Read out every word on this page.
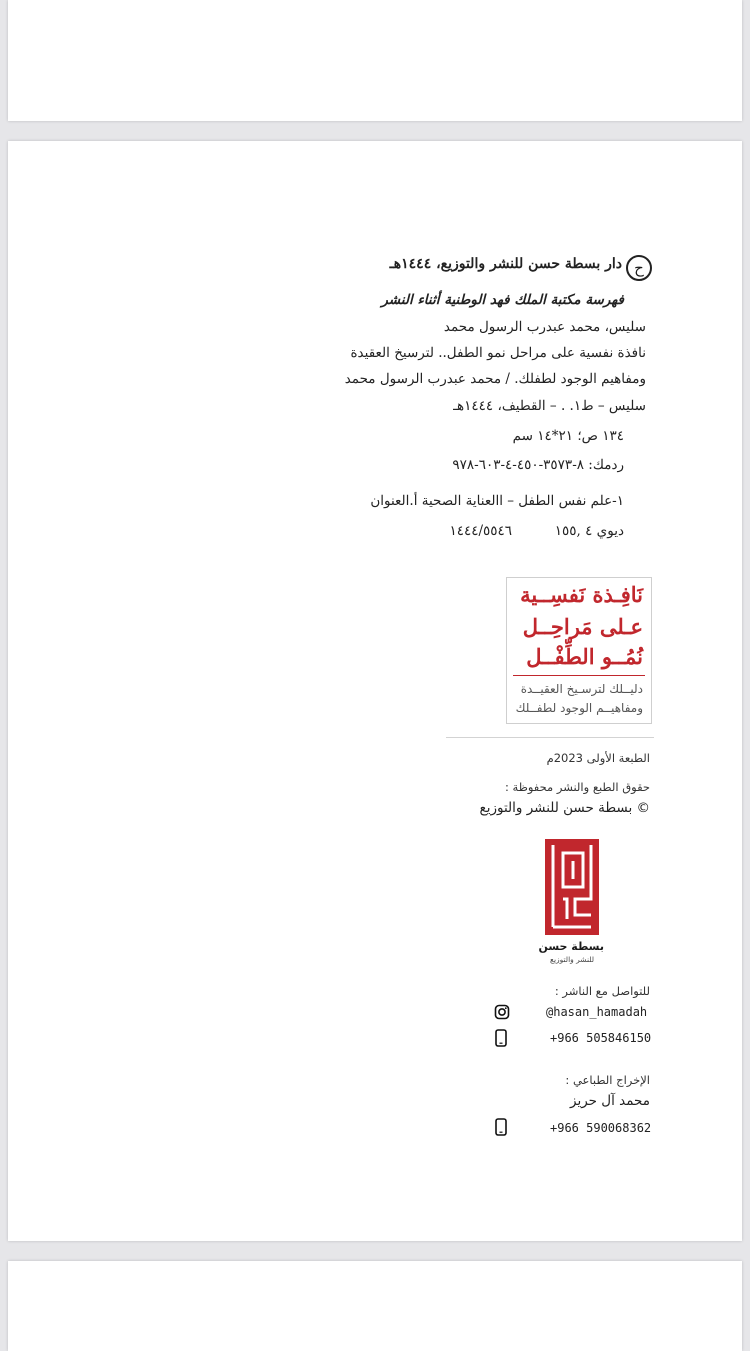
ح
دار بسطة حسن للنشر والتوزيع، ١٤٤٤هـ
فهرسة مكتبة الملك فهد الوطنية أثناء النشر
سليس، محمد عبدرب الرسول محمد
نافذة نفسية على مراحل نمو الطفل.. لترسيخ العقيدة
ومفاهيم الوجود لطفلك. / محمد عبدرب الرسول محمد
سليس – ط١. . – القطيف، ١٤٤٤هـ
١٣٤ ص؛ ٢١*١٤ سم
ردمك: ٨-٣٥٧٣-٤٥٠-٤-٦٠٣-٩٧٨
١-علم نفس الطفل – االعناية الصحية أ.العنوان
ديوي ٤ ,١٥٥
١٤٤٤/٥٥٤٦
نَافِـذة نَفسِــية
عـلى مَراحِــل
نُمُــو الطِّفْــل
دليــلك لترسـيخ العقيــدة
ومفاهيــم الوجود لطفــلك
الطبعة الأولى 2023م
حقوق الطبع والنشر محفوظة :
© بسطة حسن للنشر والتوزيع
بسطة حسن
للنشر والتوزيع
للتواصل مع الناشر :
@hasan_hamadah
+966 505846150
الإخراج الطباعي :
محمد آل حريز
+966 590068362
